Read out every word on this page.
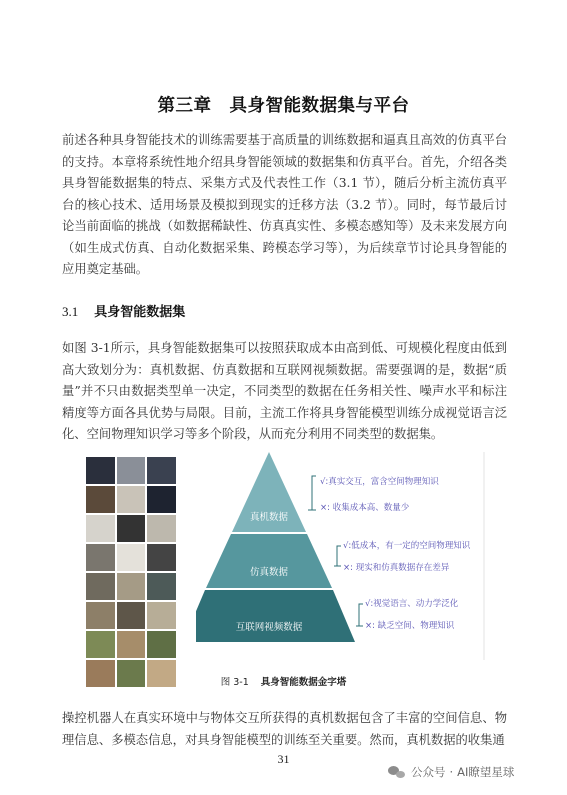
第三章 具身智能数据集与平台
前述各种具身智能技术的训练需要基于高质量的训练数据和逼真且高效的仿真平台的支持。本章将系统性地介绍具身智能领域的数据集和仿真平台。首先，介绍各类具身智能数据集的特点、采集方式及代表性工作（3.1 节），随后分析主流仿真平台的核心技术、适用场景及模拟到现实的迁移方法（3.2 节）。同时，每节最后讨论当前面临的挑战（如数据稀缺性、仿真真实性、多模态感知等）及未来发展方向（如生成式仿真、自动化数据采集、跨模态学习等），为后续章节讨论具身智能的应用奠定基础。
3.1 具身智能数据集
如图 3-1所示，具身智能数据集可以按照获取成本由高到低、可规模化程度由低到高大致划分为：真机数据、仿真数据和互联网视频数据。需要强调的是，数据“质量”并不只由数据类型单一决定，不同类型的数据在任务相关性、噪声水平和标注精度等方面各具优势与局限。目前，主流工作将具身智能模型训练分成视觉语言泛化、空间物理知识学习等多个阶段，从而充分利用不同类型的数据集。
真机数据
仿真数据
互联网视频数据
√:真实交互，富含空间物理知识
×: 收集成本高、数量少
√:低成本，有一定的空间物理知识
×: 现实和仿真数据存在差异
√:视觉语言、动力学泛化
×: 缺乏空间、物理知识
图 3-1 具身智能数据金字塔
操控机器人在真实环境中与物体交互所获得的真机数据包含了丰富的空间信息、物理信息、多模态信息，对具身智能模型的训练至关重要。然而，真机数据的收集通
31
公众号 · AI瞭望星球
